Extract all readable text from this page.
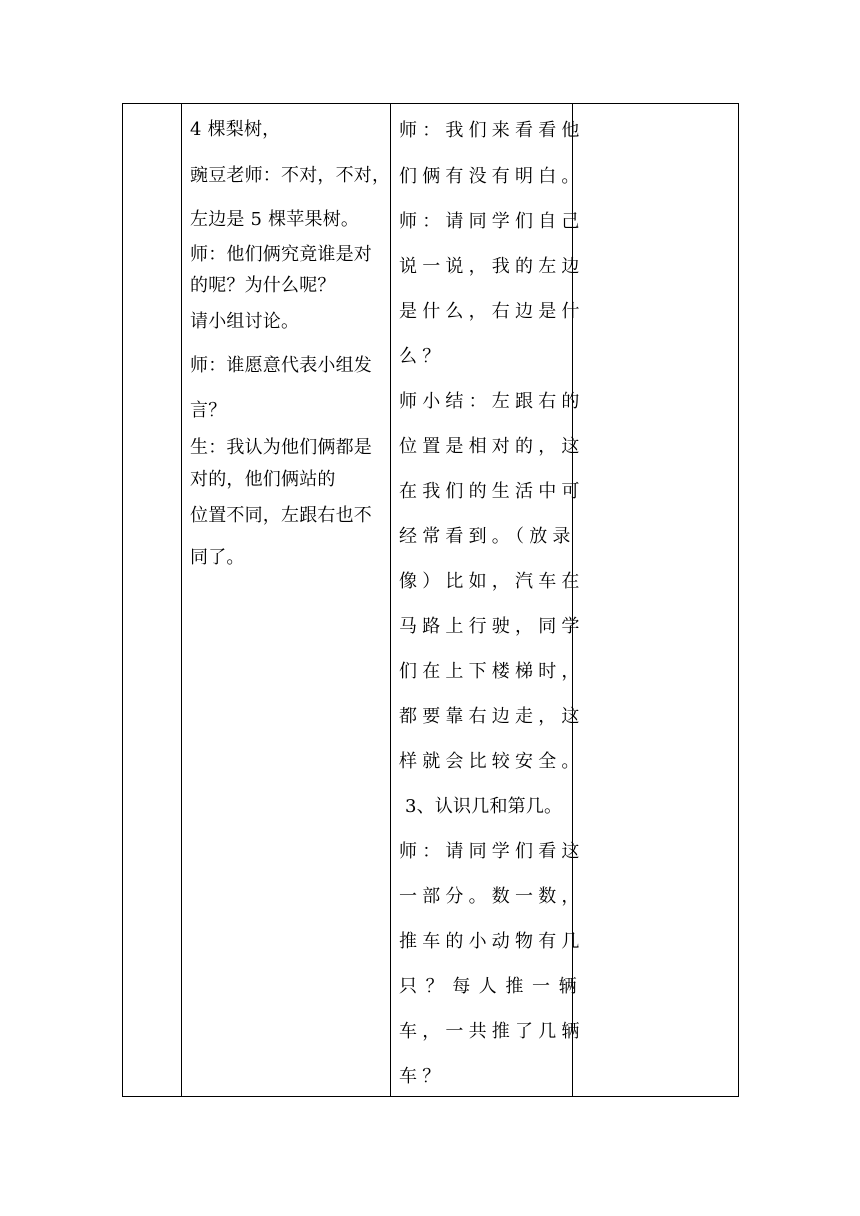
4 棵梨树，
豌豆老师：不对，不对，
左边是 5 棵苹果树。
师：他们俩究竟谁是对
的呢？为什么呢？
请小组讨论。
师：谁愿意代表小组发
言？
生：我认为他们俩都是
对的，他们俩站的
位置不同，左跟右也不
同了。

师：我们来看看他
们俩有没有明白。
师：请同学们自己
说一说，我的左边
是什么，右边是什
么？
师小结：左跟右的
位置是相对的，这
在我们的生活中可
经常看到。（放录
像）比如，汽车在
马路上行驶，同学
们在上下楼梯时，
都要靠右边走，这
样就会比较安全。
3、认识几和第几。
师：请同学们看这
一部分。数一数，
推车的小动物有几
只？每人推一辆
车，一共推了几辆
车？
